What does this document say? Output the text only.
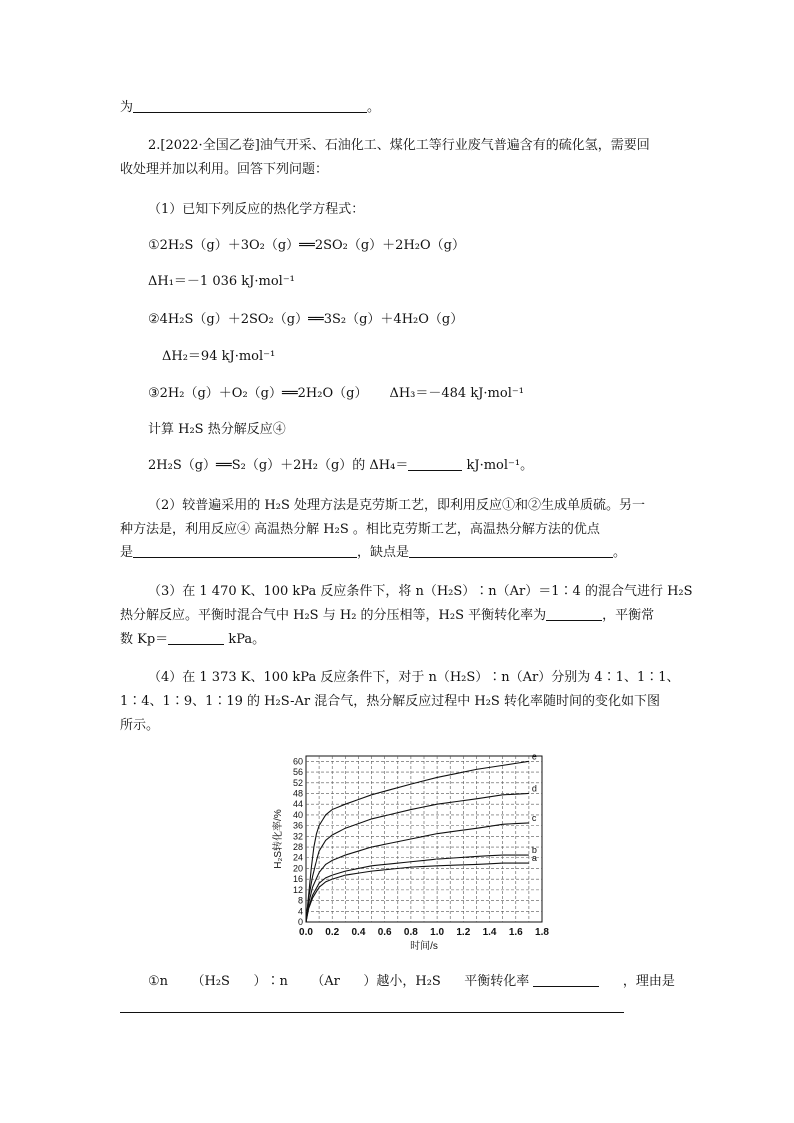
为	。
2.[2022·全国乙卷]油气开采、石油化工、煤化工等行业废气普遍含有的硫化氢，需要回
收处理并加以利用。回答下列问题：
（1）已知下列反应的热化学方程式：
①2H₂S（g）＋3O₂（g）══2SO₂（g）＋2H₂O（g）
ΔH₁＝－1 036 kJ·mol⁻¹
②4H₂S（g）＋2SO₂（g）══3S₂（g）＋4H₂O（g）
ΔH₂＝94 kJ·mol⁻¹
③2H₂（g）＋O₂（g）══2H₂O（g） ΔH₃＝－484 kJ·mol⁻¹
计算 H₂S 热分解反应④
2H₂S（g）══S₂（g）＋2H₂（g）的 ΔH₄＝	kJ·mol⁻¹。
（2）较普遍采用的 H₂S 处理方法是克劳斯工艺，即利用反应①和②生成单质硫。另一
种方法是，利用反应④ 高温热分解 H₂S 。相比克劳斯工艺，高温热分解方法的优点
是	，缺点是	。
（3）在 1 470 K、100 kPa 反应条件下，将 n（H₂S）∶n（Ar）＝1∶4 的混合气进行 H₂S
热分解反应。平衡时混合气中 H₂S 与 H₂ 的分压相等，H₂S 平衡转化率为	，平衡常
数 Kp＝	kPa。
（4）在 1 373 K、100 kPa 反应条件下，对于 n（H₂S）∶n（Ar）分别为 4∶1、1∶1、
1∶4、1∶9、1∶19 的 H₂S-Ar 混合气，热分解反应过程中 H₂S 转化率随时间的变化如下图
所示。
0
4
8
12
16
20
24
28
32
36
40
44
48
52
56
60
0.0 0.2 0.4 0.6 0.8 1.0 1.2 1.4 1.6 1.8
时间/s
H₂S转化率/%	a
b
c
d
e
①n （H₂S ）∶n （Ar ）越小，H₂S 平衡转化率	，理由是
